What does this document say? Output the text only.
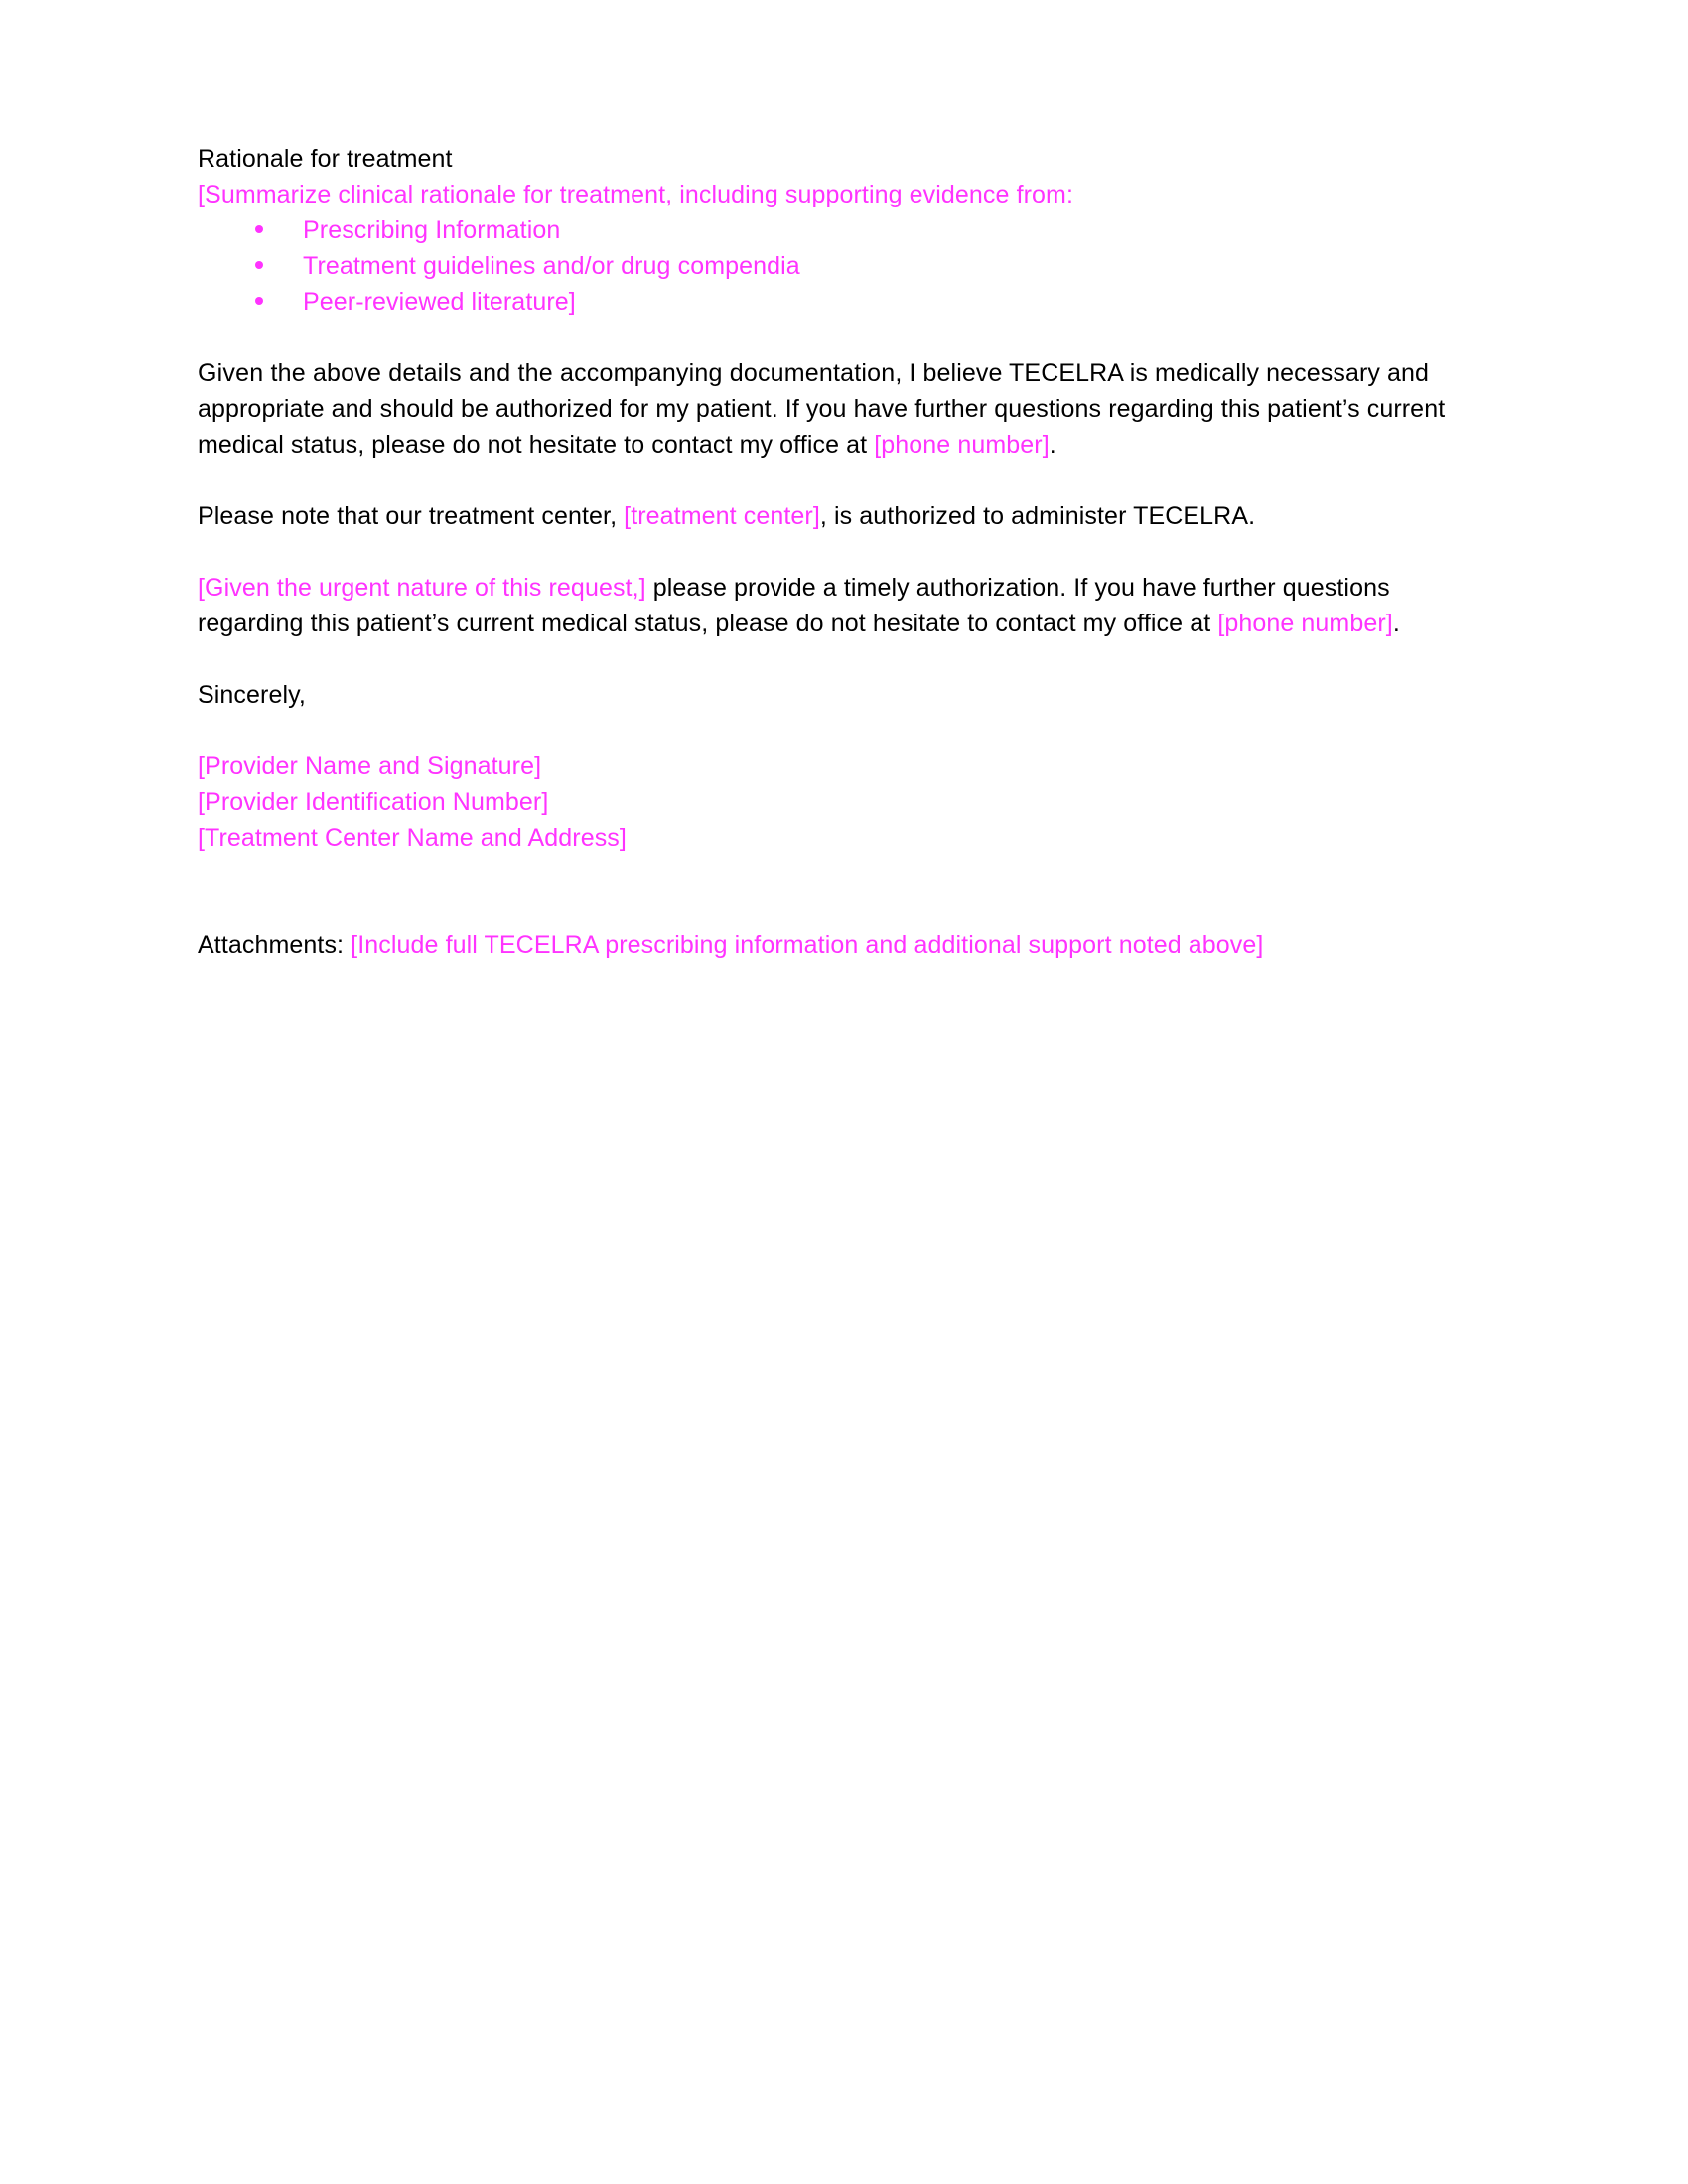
Rationale for treatment

[Summarize clinical rationale for treatment, including supporting evidence from:

Prescribing Information
Treatment guidelines and/or drug compendia
Peer-reviewed literature]

Given the above details and the accompanying documentation, I believe TECELRA is medically necessary and appropriate and should be authorized for my patient. If you have further questions regarding this patient’s current medical status, please do not hesitate to contact my office at [phone number].

Please note that our treatment center, [treatment center], is authorized to administer TECELRA.

[Given the urgent nature of this request,] please provide a timely authorization. If you have further questions regarding this patient’s current medical status, please do not hesitate to contact my office at [phone number].

Sincerely,

[Provider Name and Signature]

[Provider Identification Number]

[Treatment Center Name and Address]

Attachments: [Include full TECELRA prescribing information and additional support noted above]
